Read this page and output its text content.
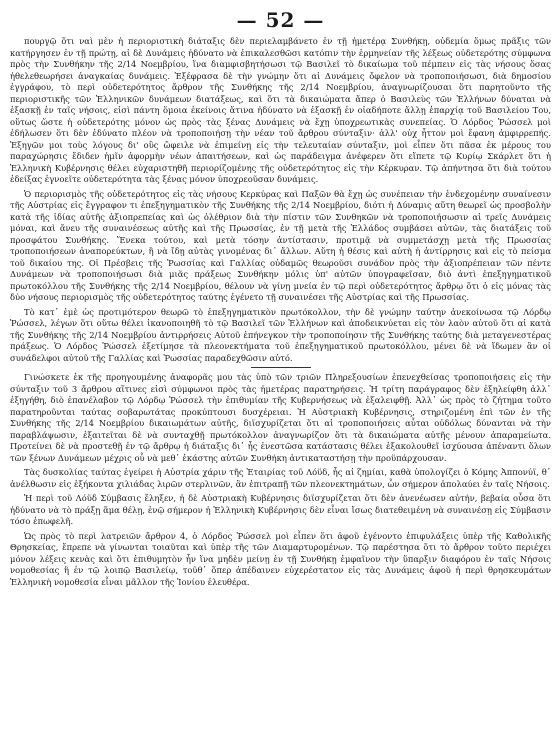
— 52 —

πουργῷ ὅτι ναὶ μὲν ἡ περιοριστικὴ διάταξις δὲν περιελαμβάνετο ἐν τῇ ἡμετέρᾳ Συνθήκῃ, οὐδεμία ὅμως πρᾶξις τῶν κατήργησεν ἐν τῇ πρώτῃ, αἱ δὲ Δυνάμεις ἠδύνατο νὰ ἐπικαλεσθῶσι κατόπιν τὴν ἑρμηνείαν τῆς λέξεως οὐδετερότης σύμφωνα πρὸς τὴν Συνθήκην τῆς 2/14 Νοεμβρίου, ἵνα διαμφισβητήσωσι τῷ Βασιλεῖ τὸ δικαίωμα τοῦ πέμπειν εἰς τὰς νήσους ὅσας ἠθελεθεωρήσει ἀναγκαίας δυνάμεις. Ἐξέφρασα δὲ τὴν γνώμην ὅτι αἱ Δυνάμεις ὄφελον νὰ τροποποιήσωσι, διὰ δημοσίου ἐγγράφου, τὸ περὶ οὐδετερότητος ἄρθρον τῆς Συνθήκης τῆς 2/14 Νοεμβρίου, ἀναγνωρίζουσαι ὅτι παρητοῦντο τῆς περιοριστικῆς τῶν Ἑλληνικῶν δυνάμεων διατάξεως, καὶ ὅτι τὰ δικαιώματα ἅπερ ὁ Βασιλεὺς τῶν Ἑλλήνων δύναται νὰ ἐξασκῇ ἐν ταῖς νήσοις, εἰσὶ πάντη ὅμοια ἐκείνοις ἅτινα ἠδύνατο νὰ ἐξασκῇ ἐν οἱαδήποτε ἄλλῃ ἐπαρχίᾳ τοῦ Βασιλείου Του, οὕτως ὥστε ἡ οὐδετερότης μόνον ὡς πρὸς τὰς ξένας Δυνάμεις νὰ ἔχῃ ὑποχρεωτικὰς συνεπείας. Ὁ Λόρδος Ῥώσσελ μοὶ ἐδήλωσεν ὅτι δὲν ἐδύνατο πλέον νὰ τροποποιήσῃ τὴν νέαν τοῦ ἄρθρου σύνταξιν· ἀλλ' οὐχ ἧττον μοὶ ἔφανη ἀμφιρρεπής. Ἐξηγῶν μοι τοὺς λόγους δι' οὓς ὤφειλε νὰ ἐπιμείνῃ εἰς τὴν τελευταίαν σύνταξιν, μοὶ εἶπεν ὅτι πᾶσα ἐκ μέρους του παραχώρησις ἔδιδεν ἡμῖν ἀφορμὴν νέων ἀπαιτήσεων, καὶ ὡς παράδειγμα ἀνέφερεν ὅτι εἴπετε τῷ Κυρίῳ Σκάρλετ ὅτι ἡ Ἑλληνικὴ Κυβέρνησις θέλει εὐχαριστηθῆ περιορίζομένης τῆς οὐδετερότητος εἰς τὴν Κέρκυραν. Τῷ ἀπήντησα ὅτι διὰ τούτου ἐδείξας ἐγνοεῖτε οὐδετερότητα τὰς ξένας μόνον ὑποχρεοῦσαν δυνάμεις.

Ὁ περιορισμὸς τῆς οὐδετερότητος εἰς τὰς νήσους Κερκύρας καὶ Παξῶν θὰ ἔχῃ ὡς συνέπειαν τὴν ἐνδεχομένην συναίνεσιν τῆς Αὐστρίας εἰς ἔγγραφον τι ἐπεξηγηματικὸν τῆς Συνθήκης τῆς 2/14 Νοεμβρίου, διότι ἡ Δύναμις αὕτη θεωρεῖ ὡς προσβολὴν κατὰ τῆς ἰδίας αὐτῆς ἀξιοπρεπείας καὶ ὡς ὀλέθριον διὰ τὴν πίστιν τῶν Συνθηκῶν νὰ τροποποιήσωσιν αἱ τρεῖς Δυνάμεις μόναι, καὶ ἄνευ τῆς συναινέσεως αὐτῆς καὶ τῆς Πρωσσίας, ἐν τῇ μετὰ τῆς Ἑλλάδος συμβάσει αὐτῶν, τὰς διατάξεις τοῦ προσφάτου Συνθήκης. Ἕνεκα τούτου, καὶ μετὰ τόσην ἀντίστασιν, προτιμᾷ νὰ συμμετάσχῃ μετὰ τῆς Πρωσσίας τροποποιήσεων ἀναπορεύκτων, ἢ νὰ ἴδῃ αὐτὰς γινομένας δι᾽ ἄλλων. Αὕτη ἡ θέσις καὶ αὐτὴ ἡ ἀντίρρησις καὶ εἰς τὸ πείσμα τοῦ δικαίου της. Οἱ Πρέσβεις τῆς Ῥωσσίας καὶ Γαλλίας οὐδαμῶς θεωροῦσι συνάδον πρὸς τὴν ἀξιοπρέπειαν τῶν πέντε Δυνάμεων νὰ τροποποιήσωσι διὰ μιᾶς πράξεως Συνθήκην μόλις ὑπ' αὐτῶν ὑπογραφεῖσαν, διὸ ἀντὶ ἐπεξηγηματικοῦ πρωτοκόλλου τῆς Συνθήκης τῆς 2/14 Νοεμβρίου, θέλουν νὰ γίνῃ μνεία ἐν τῷ περὶ οὐδετερότητος ἄρθρῳ ὅτι ὁ εἰς μόνας τὰς δύο νήσους περιορισμὸς τῆς οὐδετερότητος ταύτης ἐγένετο τῇ συναινέσει τῆς Αὐστρίας καὶ τῆς Πρωσσίας.

Τὸ κατ᾽ ἐμὲ ὡς προτιμότερον θεωρῶ τὸ ἐπεξηγηματικὸν πρωτόκολλον, τὴν δὲ γνώμην ταύτην ἀνεκοίνωσα τῷ Λόρδῳ Ῥώσσελ, λέγων ὅτι οὕτω θέλει ἱκανοποιηθῆ τὸ τῷ Βασιλεῖ τῶν Ἑλλήνων καὶ ἀποδεικνύεται εἰς τὸν λαὸν αὐτοῦ ὅτι αἱ κατὰ τῆς Συνθήκης τῆς 2/14 Νοεμβρίου ἀντιρρήσεις Αὐτοῦ ἐπήνεγκον τὴν τροποποίησιν τῆς Συνθήκης ταύτης διὰ μεταγενεστέρας πράξεως. Ὁ Λόρδος Ῥώσσελ ἐξετίμησε τὰ πλεονεκτήματα τοῦ ἐπεξηγηματικοῦ πρωτοκόλλου, μένει δὲ νὰ ἴδωμεν ἂν οἱ συνάδελφοι αὐτοῦ τῆς Γαλλίας καὶ Ῥωσσίας παραδεχθῶσιν αὐτό.

Γινώσκετε ἐκ τῆς προηγουμένης ἀναφορᾶς μου τὰς ὑπὸ τῶν τριῶν Πληρεξουσίων ἐπενεχθείσας τροποποιήσεις εἰς τὴν σύνταξιν τοῦ 3 ἄρθρου αἵτινες εἰσὶ σύμφωνοι πρὸς τὰς ἡμετέρας παρατηρήσεις. Ἡ τρίτη παράγραφος δὲν ἐξηλείφθη ἀλλ᾽ ἐξηγήθη, διὸ ἐπανέλαβον τῷ Λόρδῳ Ῥώσσελ τὴν ἐπιθυμίαν τῆς Κυβερνήσεως νὰ ἐξαλειφθῇ. Ἀλλ᾽ ὡς πρὸς τὸ ζήτημα τοῦτο παρατηροῦνται ταύτας σοβαρωτάτας προκύπτουσι δυσχέρειαι. Ἡ Αὐστριακὴ Κυβέρνησις, στηριζομένη ἐπὶ τῶν ἐν τῆς Συνθήκης τῆς 2/14 Νοεμβρίου δικαιωμάτων αὐτῆς, διϊσχυρίζεται ὅτι αἱ τροποποιήσεις αὗται οὐδόλως δύνανται νὰ τὴν παραβλάψωσιν, ἐξαιτεῖται δὲ νὰ συνταχθῇ πρωτόκολλον ἀναγνωρίζον ὅτι τὰ δικαιώματα αὐτῆς μένουν ἀπαραμείωτα. Προτείνει δὲ νὰ προστεθῇ ἐν τῷ ἄρθρῳ ἡ διάταξις δι᾽ ἧς ἐνεστῶσα κατάστασις θέλει ἐξακολουθεῖ ἰσχύουσα ἀπέναντι ὅλων τῶν ξένων Δυνάμεων μέχρις οὗ νὰ μεθ᾽ ἑκάστης αὐτῶν Συνθήκη ἀντικαταστήσῃ τὴν προϋπάρχουσαν.

Τὰς δυσκολίας ταύτας ἐγείρει ἡ Αὐστρία χάριν τῆς Ἑταιρίας τοῦ Λόϋδ, ἧς αἱ ζημίαι, καθὰ ὑπολογίζει ὁ Κόμης Ἀππονύϊ, θ᾽ ἀνέλθωσιν εἰς ἑξήκοντα χιλιάδας λιρῶν στερλινῶν, ἂν ἐπιτραπῇ τῶν πλεονεκτημάτων, ὧν σήμερον ἀπολαύει ἐν ταῖς Νήσοις.

Ἡ περὶ τοῦ Λόϋδ Σύμβασις ἔληξεν, ἡ δὲ Αὐστριακὴ Κυβέρνησις διϊσχυρίζεται ὅτι δὲν ἀνενέωσεν αὐτήν, βεβαία οὖσα ὅτι ἠδύνατο νὰ τὸ πράξῃ ἅμα θέλῃ, ἐνῷ σήμερον ἡ Ἑλληνικὴ Κυβέρνησις δὲν εἶναι ἴσως διατεθειμένη νὰ συναινέσῃ εἰς Σύμβασιν τόσο ἐπωφελῆ.

Ὡς πρὸς τὸ περὶ λατρειῶν ἄρθρον 4, ὁ Λόρδος Ῥώσσελ μοὶ εἶπεν ὅτι ἀφοῦ ἐγένοντο ἐπιφυλάξεις ὑπὲρ τῆς Καθολικῆς Θρησκείας, ἔπρεπε νὰ γίνωνται τοιαῦται καὶ ὑπὲρ τῆς τῶν Διαμαρτυρομένων. Τῷ παρέστησα ὅτι τὸ ἄρθρον τοῦτο περιέχει μόνον λέξεις κενὰς καὶ ὅτι ἐπιθυμητὸν ἦν ἵνα μηδὲν μείνῃ ἐν τῇ Συνθήκῃ ἐμφαῖνον τὴν ὕπαρξιν διαφόρου ἐν ταῖς Νήσοις νομοθεσίας ἢ ἐν τῷ λοιπῷ Βασιλείῳ, τοῦθ᾽ ὅπερ ἀπέδαινεν εὐχερέστατον εἰς τὰς Δυνάμεις ἀφοῦ ἡ περὶ θρησκευμάτων Ἑλληνικὴ νομοθεσία εἶναι μᾶλλον τῆς Ἰονίου ἐλευθέρα.
